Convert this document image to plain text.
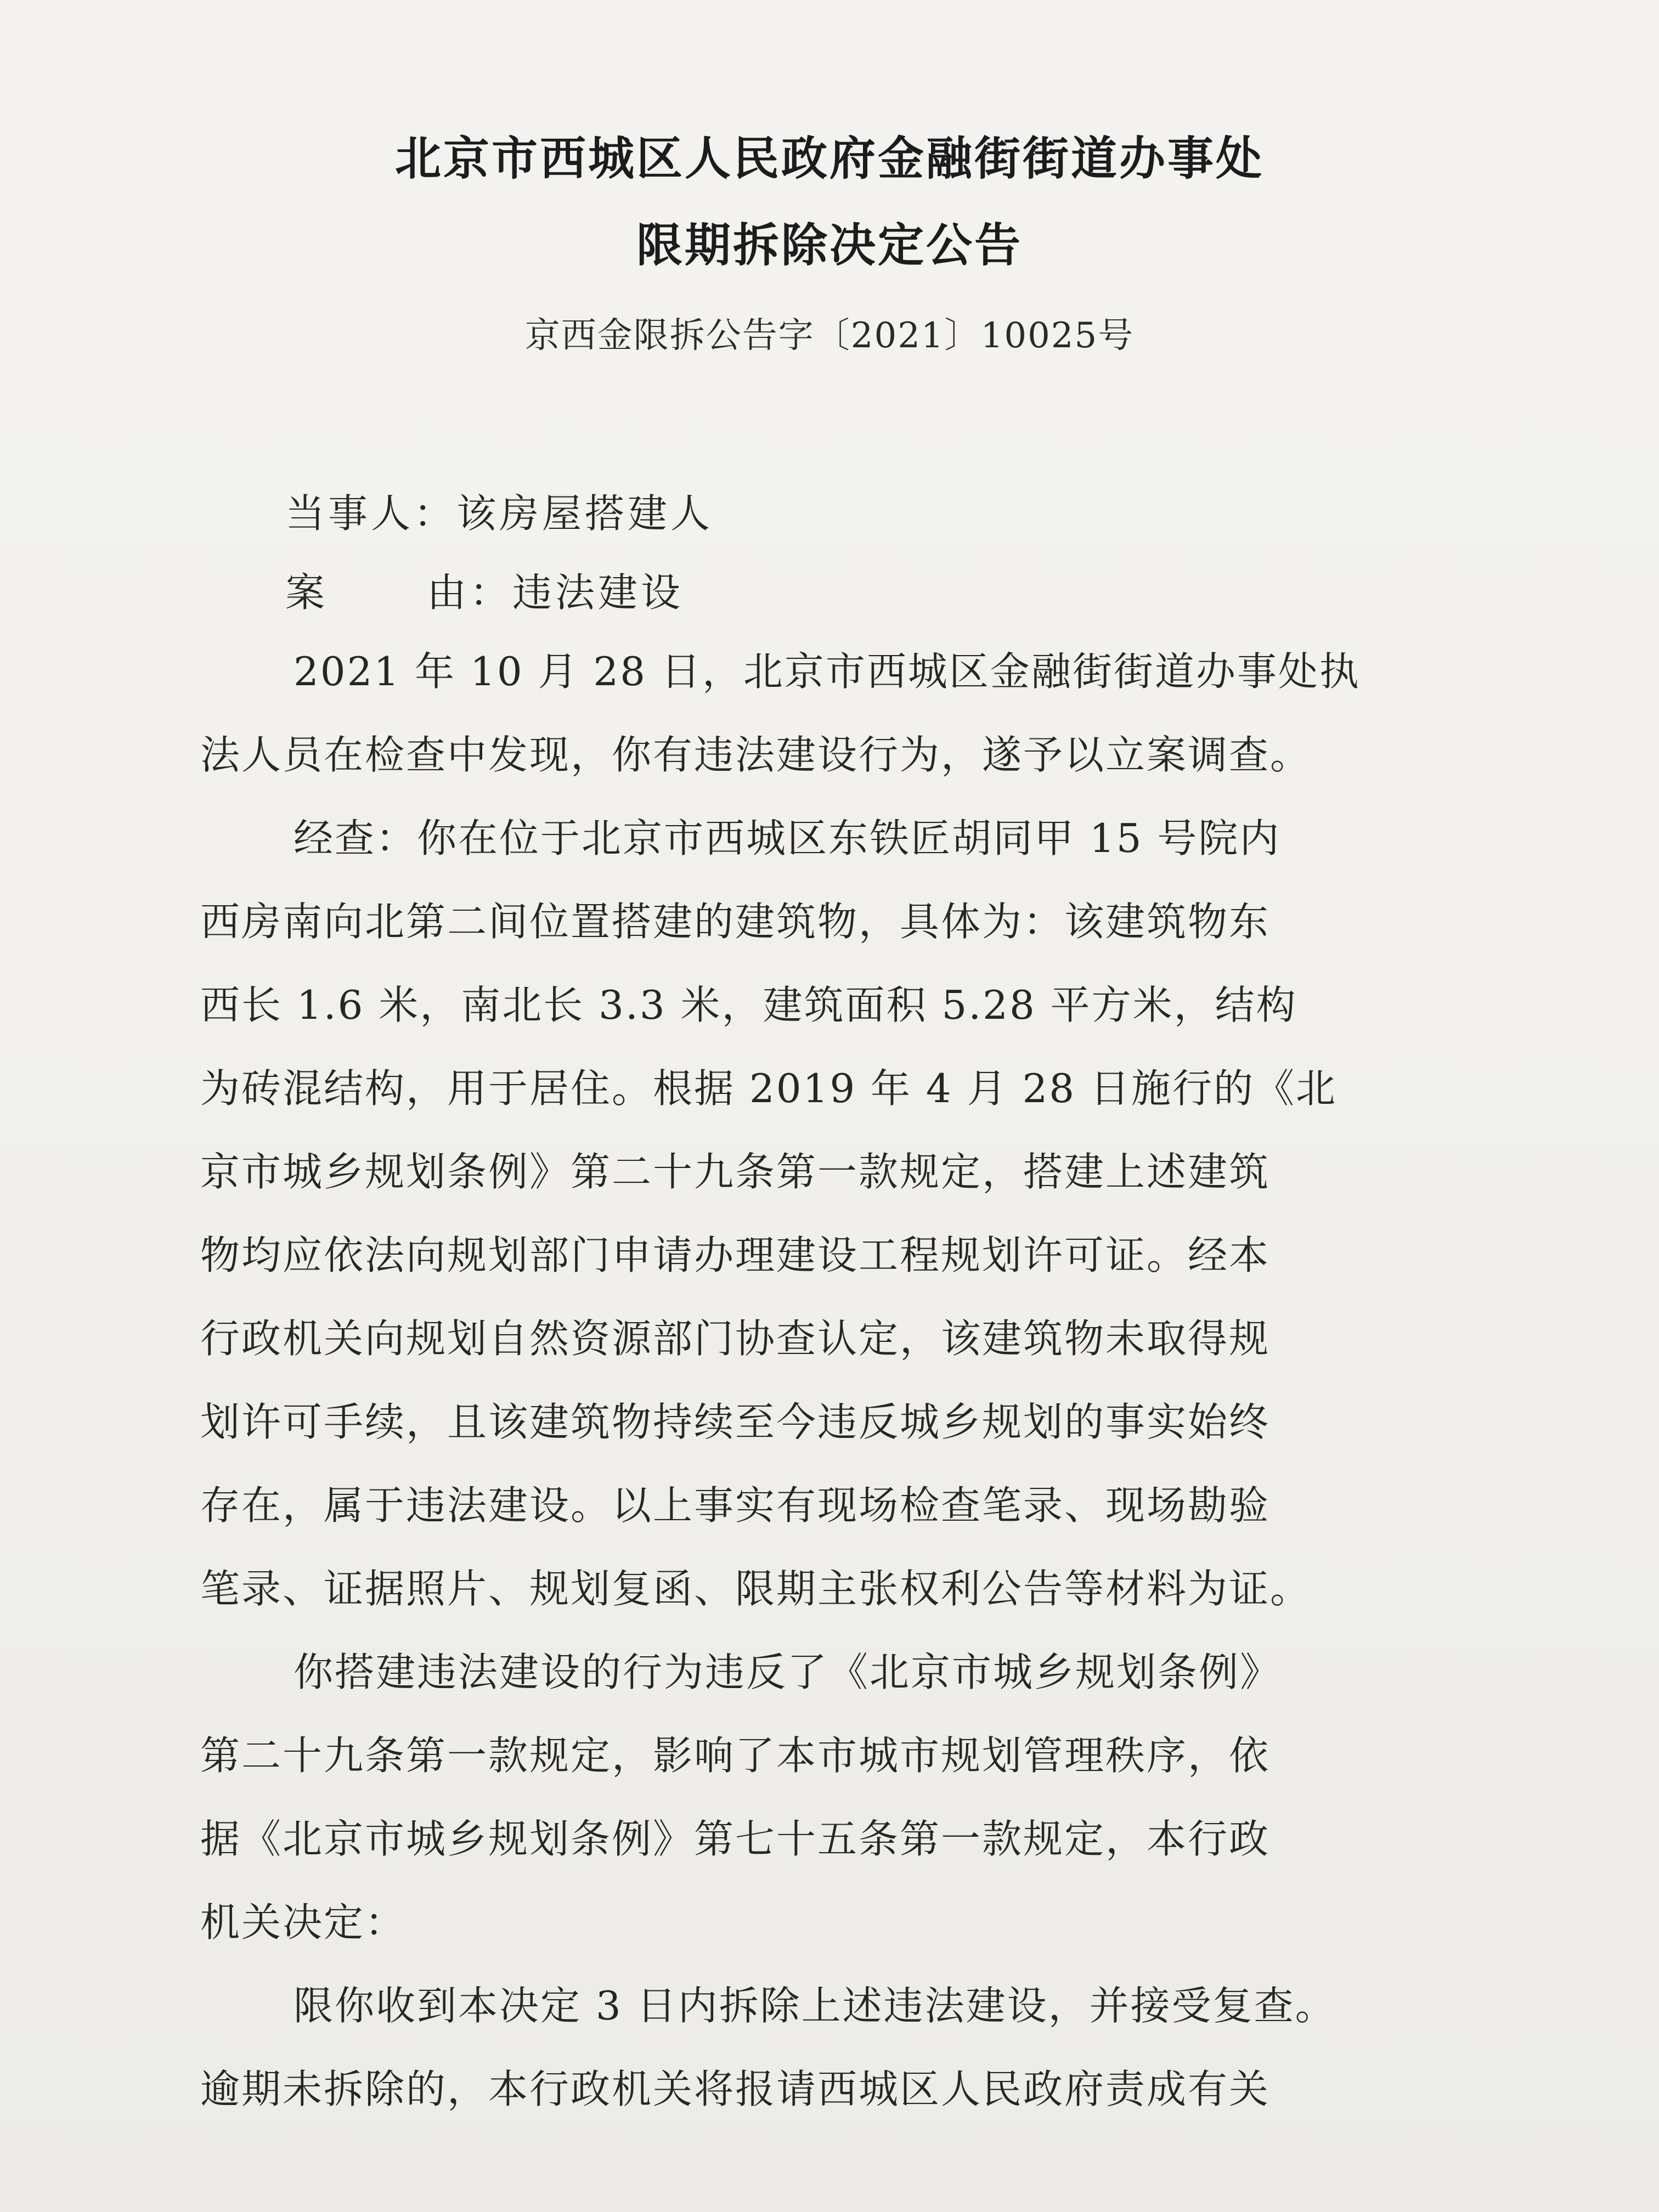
北京市西城区人民政府金融街街道办事处
限期拆除决定公告
京西金限拆公告字〔2021〕10025号
当事人：该房屋搭建人
案	由：违法建设
2021 年 10 月 28 日，北京市西城区金融街街道办事处执
法人员在检查中发现，你有违法建设行为，遂予以立案调查。
经查：你在位于北京市西城区东铁匠胡同甲 15 号院内
西房南向北第二间位置搭建的建筑物，具体为：该建筑物东
西长 1.6 米，南北长 3.3 米，建筑面积 5.28 平方米，结构
为砖混结构，用于居住。根据 2019 年 4 月 28 日施行的《北
京市城乡规划条例》第二十九条第一款规定，搭建上述建筑
物均应依法向规划部门申请办理建设工程规划许可证。经本
行政机关向规划自然资源部门协查认定，该建筑物未取得规
划许可手续，且该建筑物持续至今违反城乡规划的事实始终
存在，属于违法建设。以上事实有现场检查笔录、现场勘验
笔录、证据照片、规划复函、限期主张权利公告等材料为证。
你搭建违法建设的行为违反了《北京市城乡规划条例》
第二十九条第一款规定，影响了本市城市规划管理秩序，依
据《北京市城乡规划条例》第七十五条第一款规定，本行政
机关决定：
限你收到本决定 3 日内拆除上述违法建设，并接受复查。
逾期未拆除的，本行政机关将报请西城区人民政府责成有关
